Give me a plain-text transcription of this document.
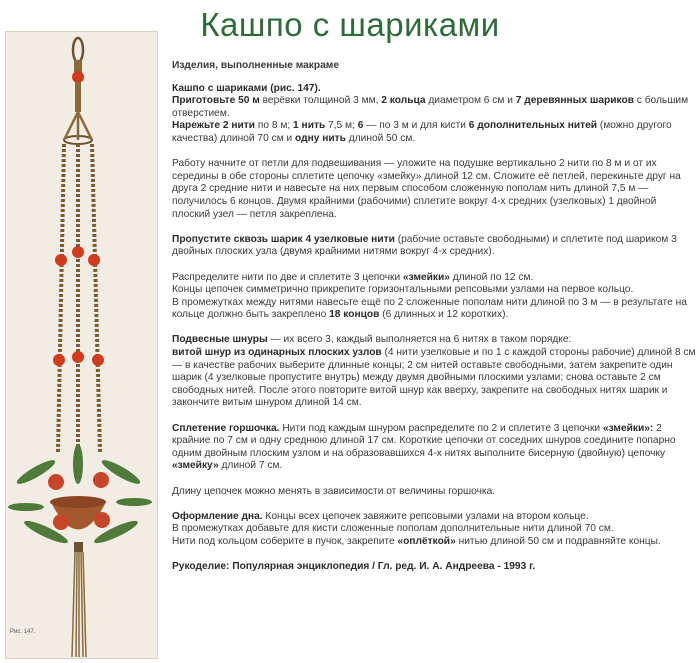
Кашпо с шариками
Рис. 147.

Изделия, выполненные макраме

Кашпо с шариками (рис. 147).
Приготовьте 50 м верёвки толщиной 3 мм, 2 кольца диаметром 6 см и 7 деревянных шариков с большим отверстием.
Нарежьте 2 нити по 8 м; 1 нить 7,5 м; 6 — по 3 м и для кисти 6 дополнительных нитей (можно другого качества) длиной 70 см и одну нить длиной 50 см.

Работу начните от петли для подвешивания — уложите на подушке вертикально 2 нити по 8 м и от их середины в обе стороны сплетите цепочку «змейку» длиной 12 см. Сложите её петлей, перекиньте друг на друга 2 средние нити и навесьте на них первым способом сложенную пополам нить длиной 7,5 м — получилось 6 концов. Двумя крайними (рабочими) сплетите вокруг 4-х средних (узелковых) 1 двойной плоский узел — петля закреплена.

Пропустите сквозь шарик 4 узелковые нити (рабочие оставьте свободными) и сплетите под шариком 3 двойных плоских узла (двумя крайними нитями вокруг 4-х средних).

Распределите нити по две и сплетите 3 цепочки «змейки» длиной по 12 см.
Концы цепочек симметрично прикрепите горизонтальными репсовыми узлами на первое кольцо.
В промежутках между нитями навесьте ещё по 2 сложенные пополам нити длиной по 3 м — в результате на кольце должно быть закреплено 18 концов (6 длинных и 12 коротких).

Подвесные шнуры — их всего 3, каждый выполняется на 6 нитях в таком порядке:
витой шнур из одинарных плоских узлов (4 нити узелковые и по 1 с каждой стороны рабочие) длиной 8 см — в качестве рабочих выберите длинные концы; 2 см нитей оставьте свободными, затем закрепите один шарик (4 узелковые пропустите внутрь) между двумя двойными плоскими узлами; снова оставьте 2 см свободных нитей. После этого повторите витой шнур как вверху, закрепите на свободных нитях шарик и закончите витым шнуром длиной 14 см.

Сплетение горшочка. Нити под каждым шнуром распределите по 2 и сплетите 3 цепочки «змейки»: 2 крайние по 7 см и одну среднюю длиной 17 см. Короткие цепочки от соседних шнуров соедините попарно одним двойным плоским узлом и на образовавшихся 4-х нитях выполните бисерную (двойную) цепочку «змейку» длиной 7 см.

Длину цепочек можно менять в зависимости от величины горшочка.

Оформление дна. Концы всех цепочек завяжите репсовыми узлами на втором кольце.
В промежутках добавьте для кисти сложенные пополам дополнительные нити длиной 70 см.
Нити под кольцом соберите в пучок, закрепите «оплёткой» нитью длиной 50 см и подравняйте концы.

Рукоделие: Популярная энциклопедия / Гл. ред. И. А. Андреева - 1993 г.
